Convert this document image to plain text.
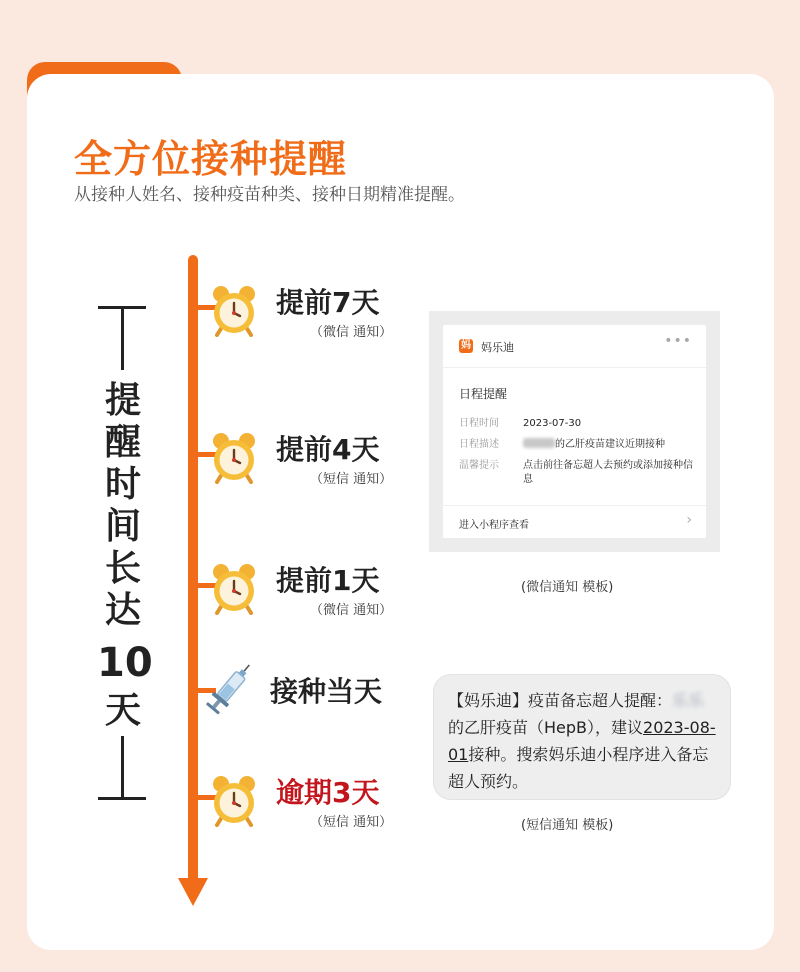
全方位接种提醒
从接种人姓名、接种疫苗种类、接种日期精准提醒。
提
醒
时
间
长
达
10
天
提前7天
（微信 通知）
提前4天
（短信 通知）
提前1天
（微信 通知）
接种当天
逾期3天
（短信 通知）
妈 妈乐迪	•••
日程提醒
日程时间 2023-07-30
日程描述	的乙肝疫苗建议近期接种
温馨提示 点击前往备忘超人去预约或添加接种信息
进入小程序查看	›
(微信通知 模板)
【妈乐迪】疫苗备忘超人提醒：乐乐的乙肝疫苗（HepB），建议2023-08-01接种。搜索妈乐迪小程序进入备忘超人预约。
(短信通知 模板)
